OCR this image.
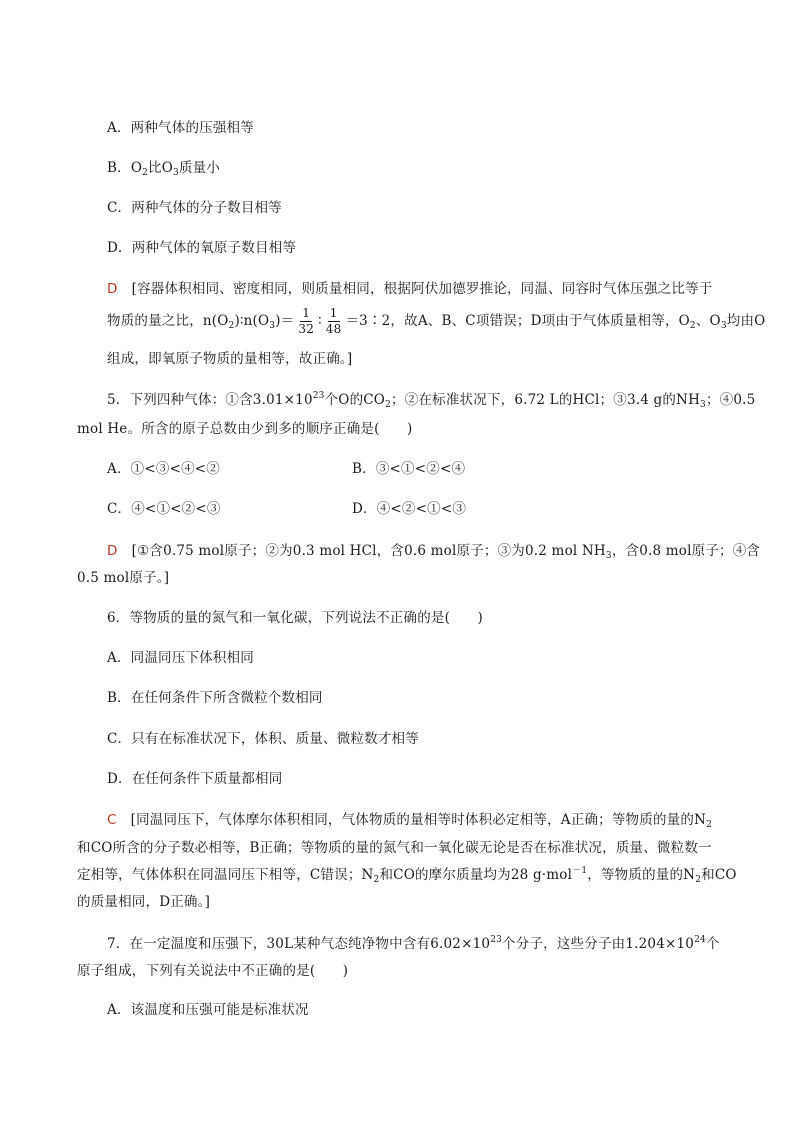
A．两种气体的压强相等
B．$O_2$比$O_3$质量小
C．两种气体的分子数目相等
D．两种气体的氧原子数目相等
D [容器体积相同、密度相同，则质量相同，根据阿伏加德罗推论，同温、同容时气体压强之比等于
物质的量之比，$n(O_2)∶n(O_3)= \frac{1}{32}$ ∶ $\frac{1}{48}$ ＝3∶2，故A、B、C项错误；D项由于气体质量相等，$O_2$、$O_3$均由O
组成，即氧原子物质的量相等，故正确。]
5．下列四种气体：①含$3.01\times 10^{23}$个O的$CO_2$；②在标准状况下，6.72 L的HCl；③3.4 g的$NH_3$；④0.5
mol He。所含的原子总数由少到多的顺序正确是(　　)
A．①<③<④<②	B．③<①<②<④
C．④<①<②<③	D．④<②<①<③
D [①含0.75 mol原子；②为0.3 mol HCl，含0.6 mol原子；③为0.2 mol $NH_3$，含0.8 mol原子；④含
0.5 mol原子。]
6．等物质的量的氮气和一氧化碳，下列说法不正确的是(　　)
A．同温同压下体积相同
B．在任何条件下所含微粒个数相同
C．只有在标准状况下，体积、质量、微粒数才相等
D．在任何条件下质量都相同
C [同温同压下，气体摩尔体积相同，气体物质的量相等时体积必定相等，A正确；等物质的量的$N_2$
和CO所含的分子数必相等，B正确；等物质的量的氮气和一氧化碳无论是否在标准状况，质量、微粒数一
定相等，气体体积在同温同压下相等，C错误；$N_2$和CO的摩尔质量均为28 g·mol$^{-1}$，等物质的量的$N_2$和CO
的质量相同，D正确。]
7．在一定温度和压强下，30L某种气态纯净物中含有$6.02\times 10^{23}$个分子，这些分子由$1.204\times 10^{24}$个
原子组成，下列有关说法中不正确的是(　　)
A．该温度和压强可能是标准状况
